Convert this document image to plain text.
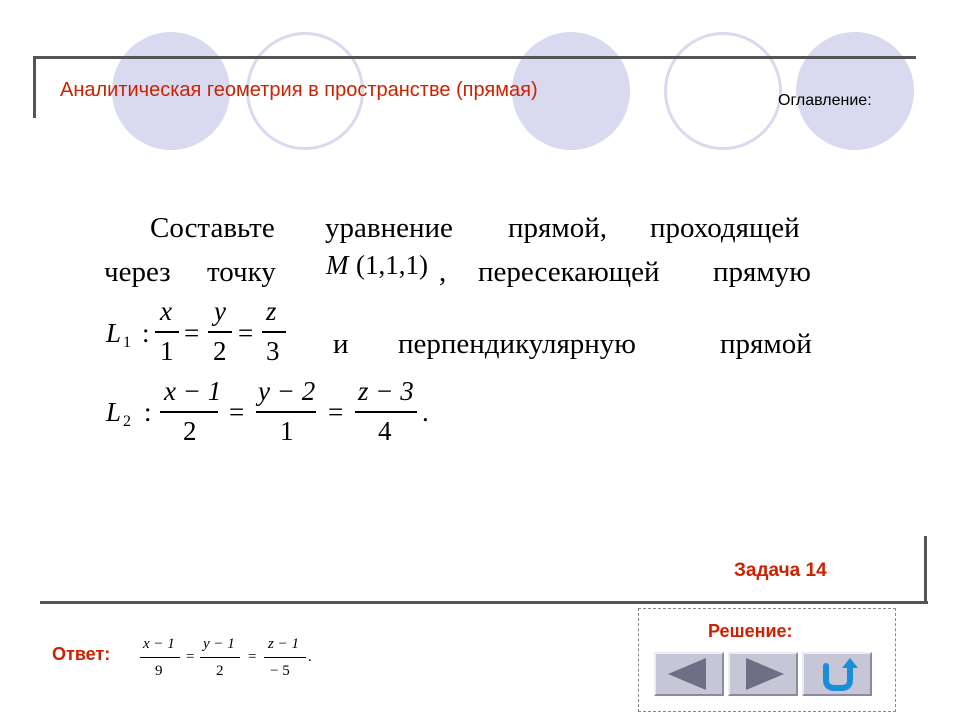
Аналитическая геометрия в пространстве (прямая)	Оглавление:
Составьте уравнение прямой, проходящей
через точку M (1,1,1) , пересекающей прямую
L 1 :
x
1
=
y
2
=
z
3 и перпендикулярную	прямой
L 2 :
x − 1
2
=
y − 2
1
=
z − 3
4
.
Задача 14
Ответ: x − 1
9
=
y − 1
2
=
z − 1
− 5
.
Решение:
